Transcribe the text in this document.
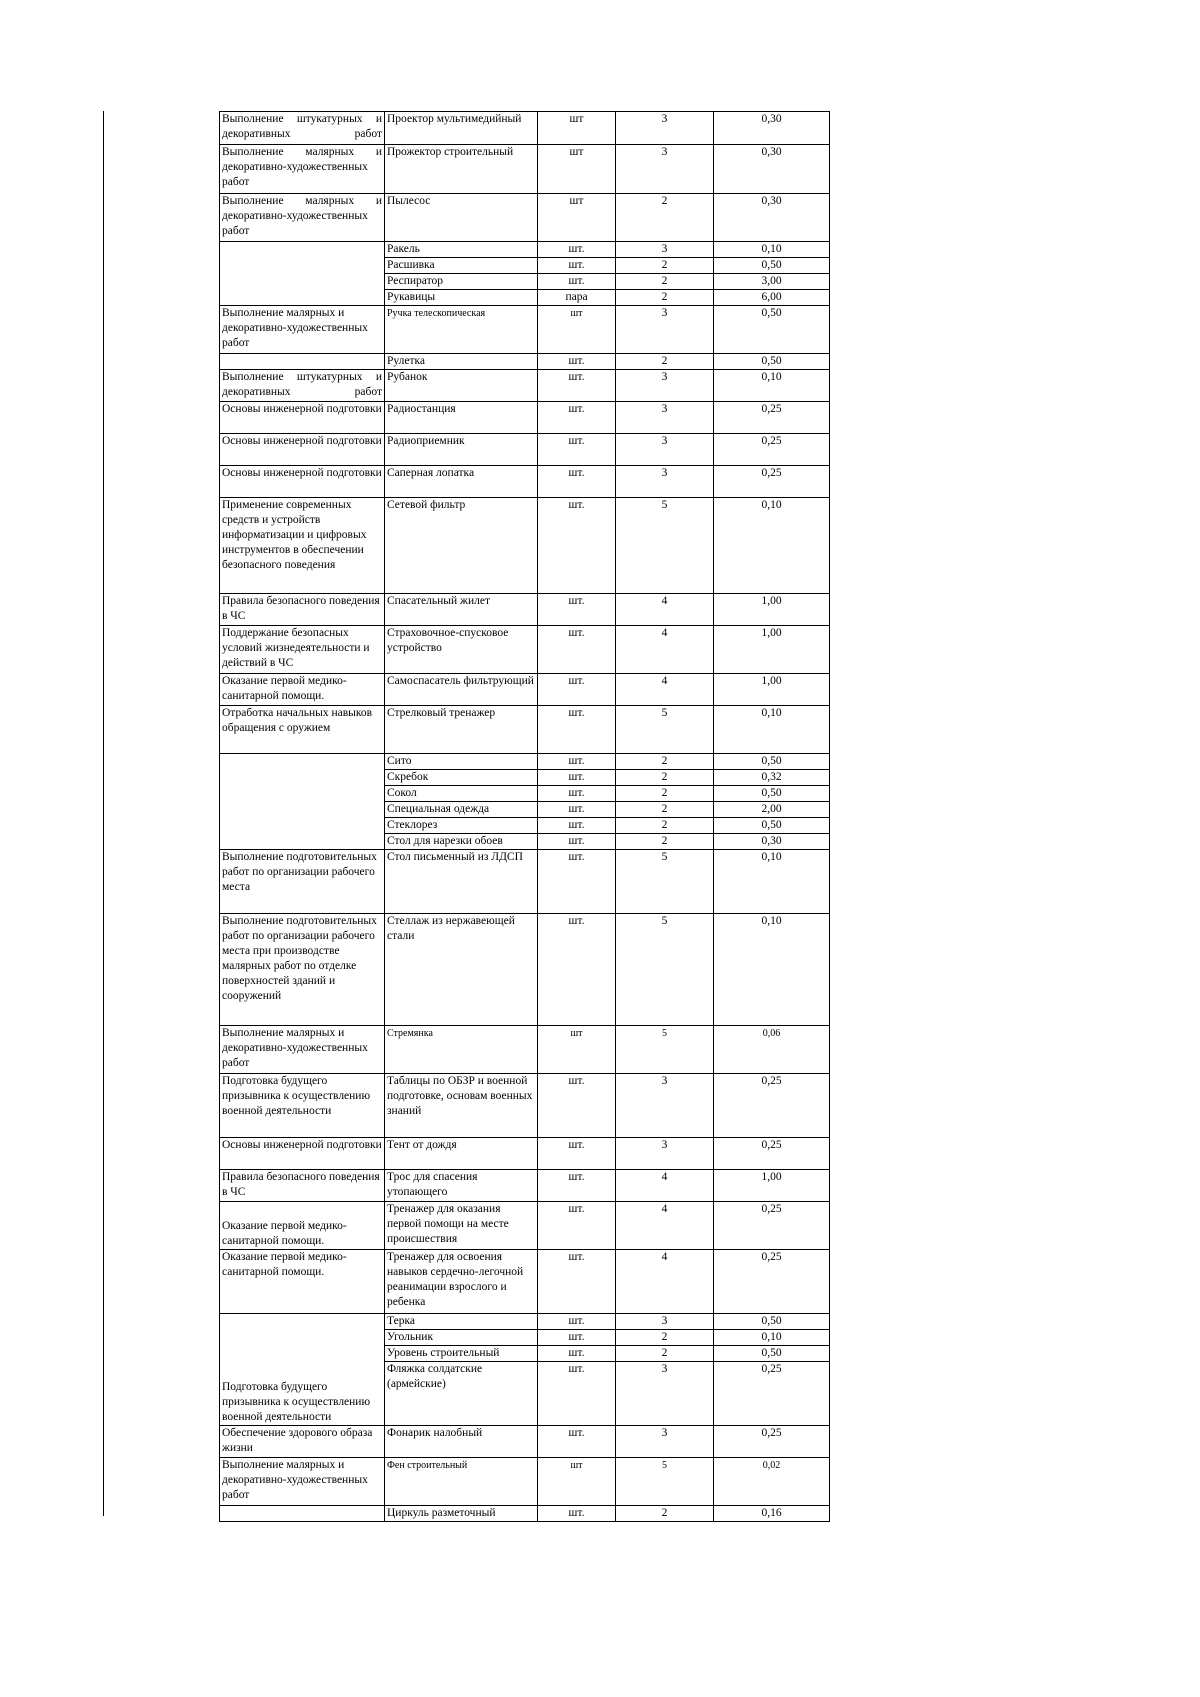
Выполнение штукатурных и декоративных работ	Проектор мультимедийный	шт	3	0,30
Выполнение малярных и декоративно-художественных работ	Прожектор строительный	шт	3	0,30
Выполнение малярных и декоративно-художественных работ	Пылесос	шт	2	0,30
	Ракель	шт.	3	0,10
	Расшивка	шт.	2	0,50
	Респиратор	шт.	2	3,00
	Рукавицы	пара	2	6,00
Выполнение малярных и декоративно-художественных работ	Ручка телескопическая	шт	3	0,50
	Рулетка	шт.	2	0,50
Выполнение штукатурных и декоративных работ	Рубанок	шт.	3	0,10
Основы инженерной подготовки	Радиостанция	шт.	3	0,25
Основы инженерной подготовки	Радиоприемник	шт.	3	0,25
Основы инженерной подготовки	Саперная лопатка	шт.	3	0,25
Применение современных средств и устройств информатизации и цифровых инструментов в обеспечении безопасного поведения	Сетевой фильтр	шт.	5	0,10
Правила безопасного поведения в ЧС	Спасательный жилет	шт.	4	1,00
Поддержание безопасных условий жизнедеятельности и действий в ЧС	Страховочное-спусковое устройство	шт.	4	1,00
Оказание первой медико-санитарной помощи.	Самоспасатель фильтрующий	шт.	4	1,00
Отработка начальных навыков обращения с оружием	Стрелковый тренажер	шт.	5	0,10
	Сито	шт.	2	0,50
	Скребок	шт.	2	0,32
	Сокол	шт.	2	0,50
	Специальная одежда	шт.	2	2,00
	Стеклорез	шт.	2	0,50
	Стол для нарезки обоев	шт.	2	0,30
Выполнение подготовительных работ по организации рабочего места	Стол письменный из ЛДСП	шт.	5	0,10
Выполнение подготовительных работ по организации рабочего места при производстве малярных работ по отделке поверхностей зданий и сооружений	Стеллаж из нержавеющей стали	шт.	5	0,10
Выполнение малярных и декоративно-художественных работ	Стремянка	шт	5	0,06
Подготовка будущего призывника к осуществлению военной деятельности	Таблицы по ОБЗР и военной подготовке, основам военных знаний	шт.	3	0,25
Основы инженерной подготовки	Тент от дождя	шт.	3	0,25
Правила безопасного поведения в ЧС	Трос для спасения утопающего	шт.	4	1,00
Оказание первой медико-санитарной помощи.	Тренажер для оказания первой помощи на месте происшествия	шт.	4	0,25
Оказание первой медико-санитарной помощи.	Тренажер для освоения навыков сердечно-легочной реанимации взрослого и ребенка	шт.	4	0,25
Подготовка будущего призывника к осуществлению военной деятельности	Терка	шт.	3	0,50
	Угольник	шт.	2	0,10
	Уровень строительный	шт.	2	0,50
	Фляжка солдатские (армейские)	шт.	3	0,25
Обеспечение здорового образа жизни	Фонарик налобный	шт.	3	0,25
Выполнение малярных и декоративно-художественных работ	Фен строительный	шт	5	0,02
	Циркуль разметочный	шт.	2	0,16
